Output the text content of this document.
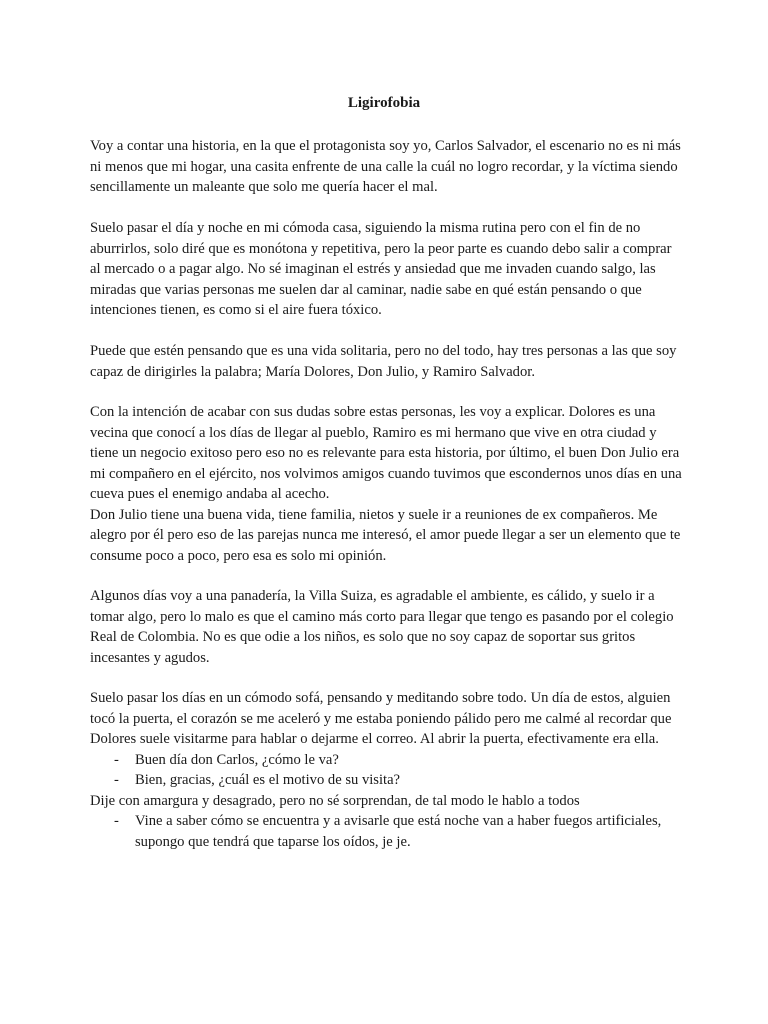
Ligirofobia

Voy a contar una historia, en la que el protagonista soy yo, Carlos Salvador, el escenario no es ni más ni menos que mi hogar, una casita enfrente de una calle la cuál no logro recordar, y la víctima siendo sencillamente un maleante que solo me quería hacer el mal.

Suelo pasar el día y noche en mi cómoda casa, siguiendo la misma rutina pero con el fin de no aburrirlos, solo diré que es monótona y repetitiva, pero la peor parte es cuando debo salir a comprar al mercado o a pagar algo. No sé imaginan el estrés y ansiedad que me invaden cuando salgo, las miradas que varias personas me suelen dar al caminar, nadie sabe en qué están pensando o que intenciones tienen, es como si el aire fuera tóxico.

Puede que estén pensando que es una vida solitaria, pero no del todo, hay tres personas a las que soy capaz de dirigirles la palabra; María Dolores, Don Julio, y Ramiro Salvador.

Con la intención de acabar con sus dudas sobre estas personas, les voy a explicar. Dolores es una vecina que conocí a los días de llegar al pueblo, Ramiro es mi hermano que vive en otra ciudad y tiene un negocio exitoso pero eso no es relevante para esta historia, por último, el buen Don Julio era mi compañero en el ejército, nos volvimos amigos cuando tuvimos que escondernos unos días en una cueva pues el enemigo andaba al acecho.

Don Julio tiene una buena vida, tiene familia, nietos y suele ir a reuniones de ex compañeros. Me alegro por él pero eso de las parejas nunca me interesó, el amor puede llegar a ser un elemento que te consume poco a poco, pero esa es solo mi opinión.

Algunos días voy a una panadería, la Villa Suiza, es agradable el ambiente, es cálido, y suelo ir a tomar algo, pero lo malo es que el camino más corto para llegar que tengo es pasando por el colegio Real de Colombia. No es que odie a los niños, es solo que no soy capaz de soportar sus gritos incesantes y agudos.

Suelo pasar los días en un cómodo sofá, pensando y meditando sobre todo. Un día de estos, alguien tocó la puerta, el corazón se me aceleró y me estaba poniendo pálido pero me calmé al recordar que Dolores suele visitarme para hablar o dejarme el correo. Al abrir la puerta, efectivamente era ella.

- Buen día don Carlos, ¿cómo le va?
- Bien, gracias, ¿cuál es el motivo de su visita?

Dije con amargura y desagrado, pero no sé sorprendan, de tal modo le hablo a todos

- Vine a saber cómo se encuentra y a avisarle que está noche van a haber fuegos artificiales, supongo que tendrá que taparse los oídos, je je.
